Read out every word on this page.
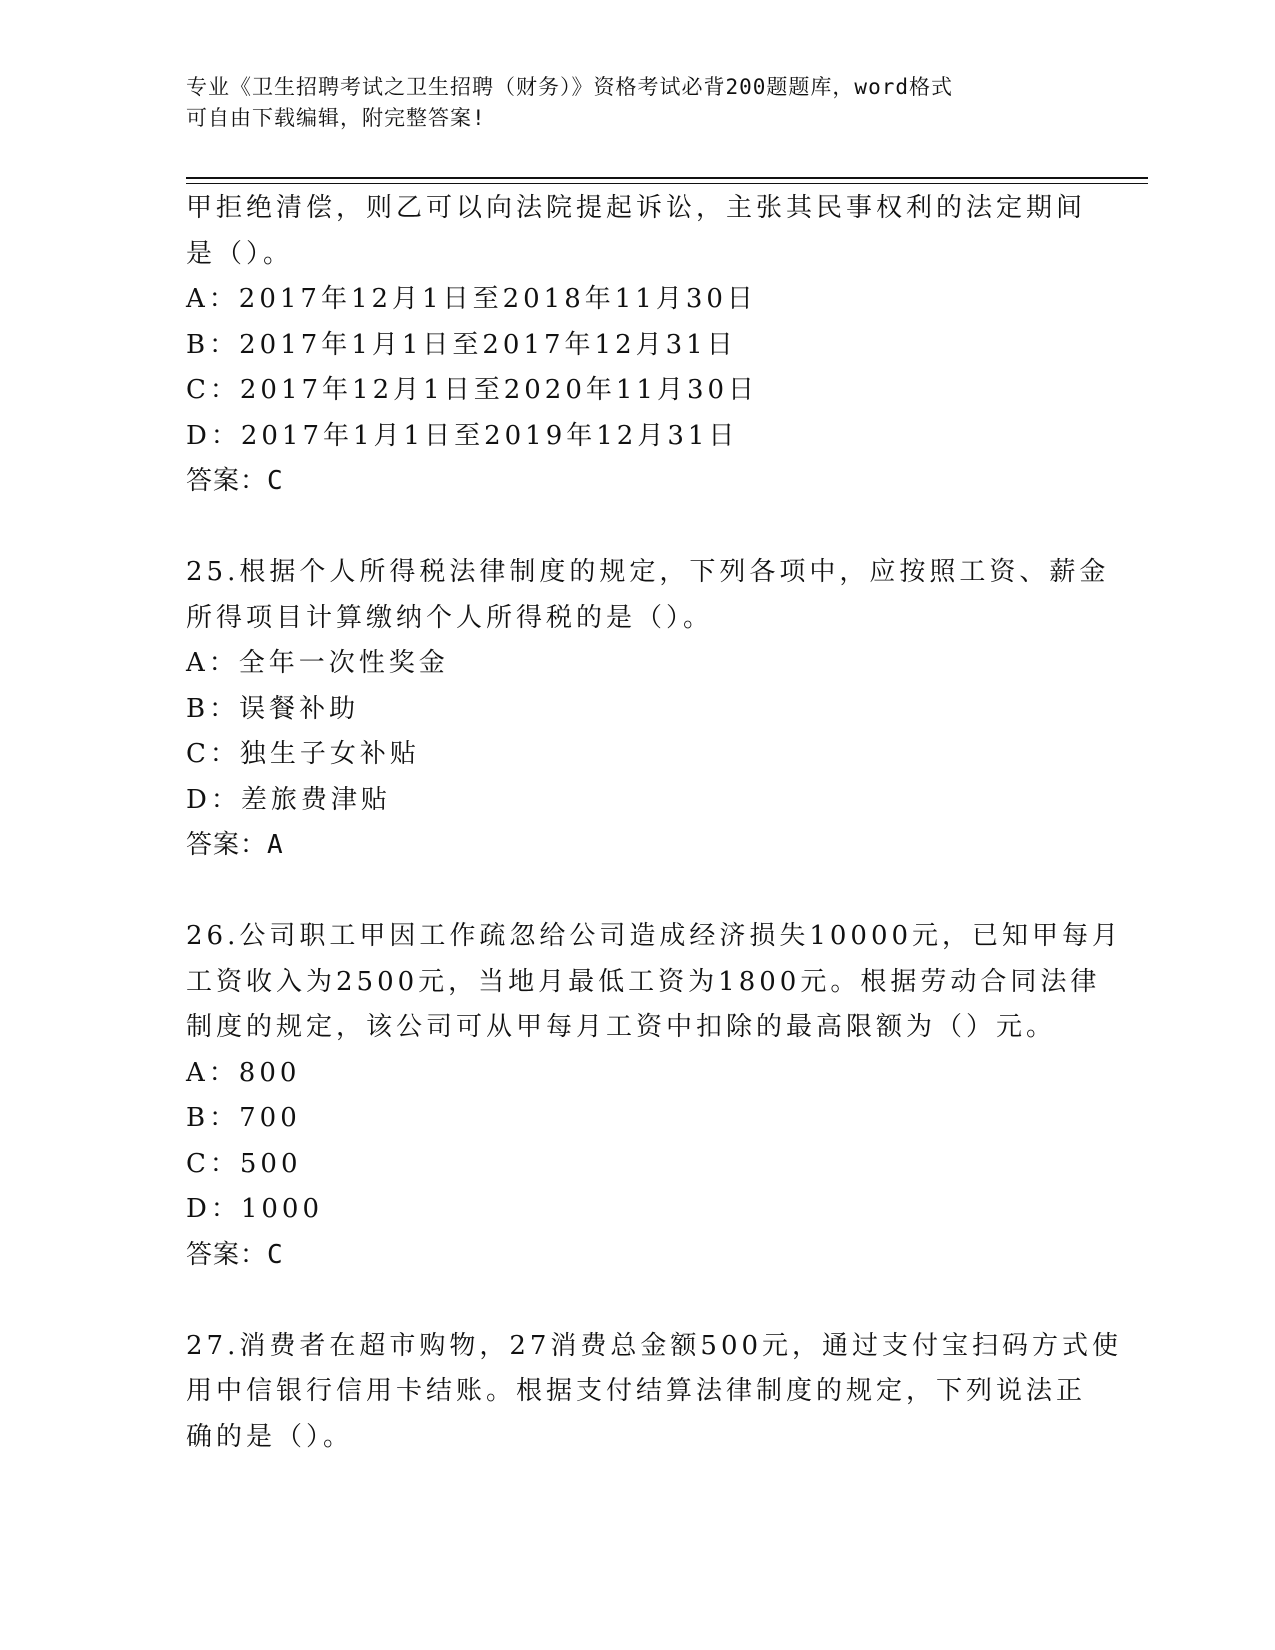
专业《卫生招聘考试之卫生招聘（财务）》资格考试必背200题题库，word格式
可自由下载编辑，附完整答案!
甲拒绝清偿，则乙可以向法院提起诉讼，主张其民事权利的法定期间
是（）。
A：2017年12月1日至2018年11月30日
B：2017年1月1日至2017年12月31日
C：2017年12月1日至2020年11月30日
D：2017年1月1日至2019年12月31日
答案：C
25.根据个人所得税法律制度的规定，下列各项中，应按照工资、薪金
所得项目计算缴纳个人所得税的是（）。
A：全年一次性奖金
B：误餐补助
C：独生子女补贴
D：差旅费津贴
答案：A
26.公司职工甲因工作疏忽给公司造成经济损失10000元，已知甲每月
工资收入为2500元，当地月最低工资为1800元。根据劳动合同法律
制度的规定，该公司可从甲每月工资中扣除的最高限额为（）元。
A：800
B：700
C：500
D：1000
答案：C
27.消费者在超市购物，27消费总金额500元，通过支付宝扫码方式使
用中信银行信用卡结账。根据支付结算法律制度的规定，下列说法正
确的是（）。
